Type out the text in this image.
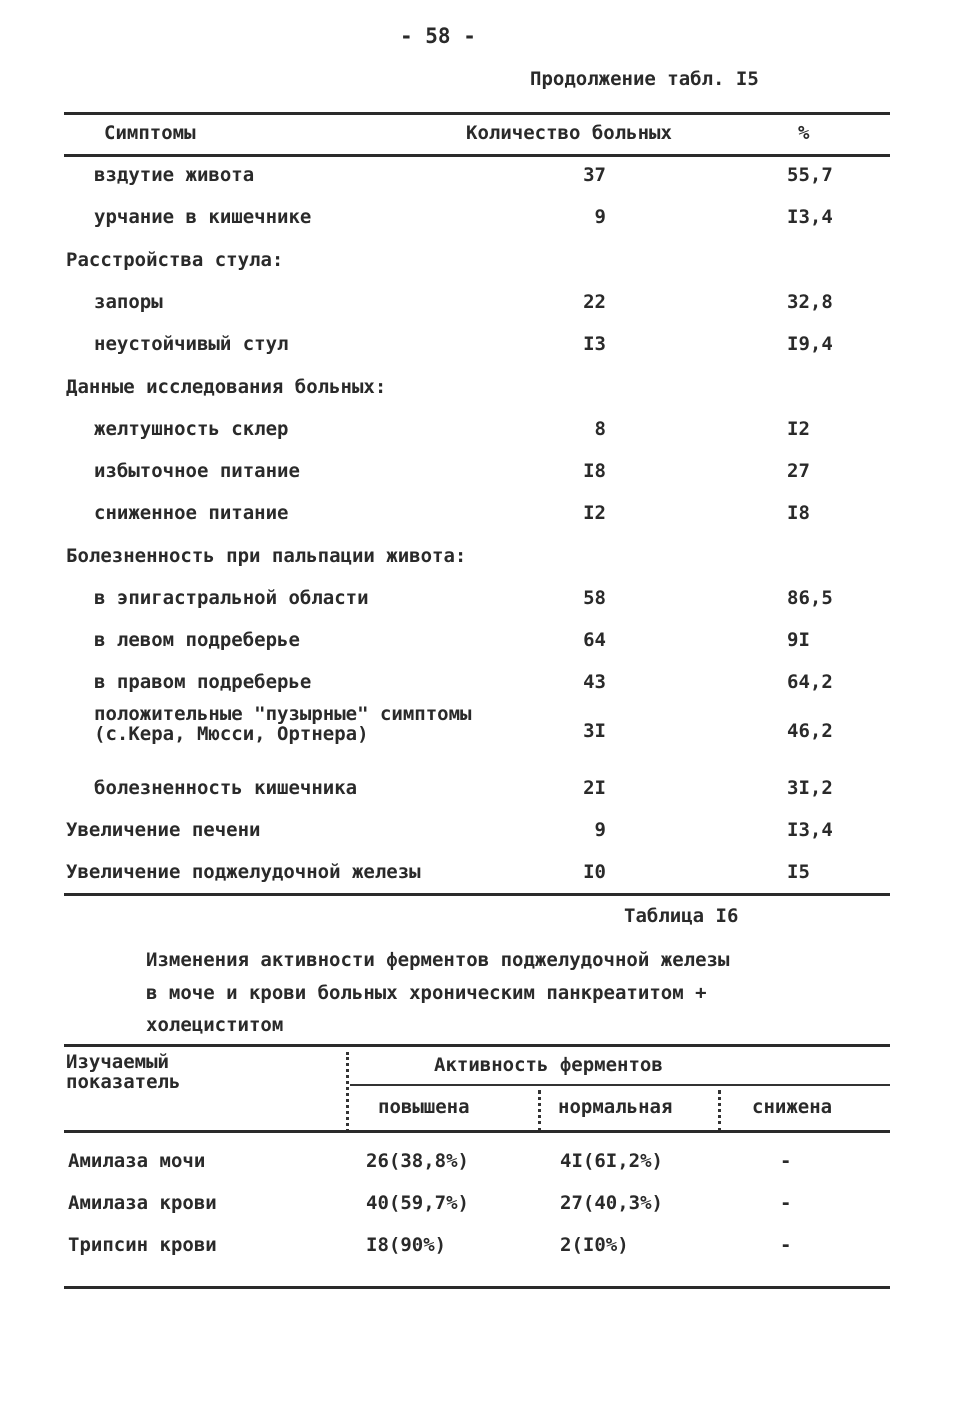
- 58 -
Продолжение табл. I5
Симптомы	Количество больных	%
вздутие живота	37	55,7
урчание в кишечнике	9	I3,4
Расстройства стула:
запоры	22	32,8
неустойчивый стул	I3	I9,4
Данные исследования больных:
желтушность склер	8	I2
избыточное питание	I8	27
сниженное питание	I2	I8
Болезненность при пальпации живота:
в эпигастральной области	58	86,5
в левом подреберье	64	9I
в правом подреберье	43	64,2
положительные "пузырные" симптомы
(с.Кера, Мюсси, Ортнера)	3I	46,2
болезненность кишечника	2I	3I,2
Увеличение печени	9	I3,4
Увеличение поджелудочной железы	I0	I5
Таблица I6
Изменения активности ферментов поджелудочной железы
в моче и крови больных хроническим панкреатитом +
холециститом
Изучаемый
показатель
Активность ферментов
повышена	нормальная	снижена
Амилаза мочи	26(38,8%)	4I(6I,2%)	-
Амилаза крови	40(59,7%)	27(40,3%)	-
Трипсин крови	I8(90%)	2(I0%)	-
